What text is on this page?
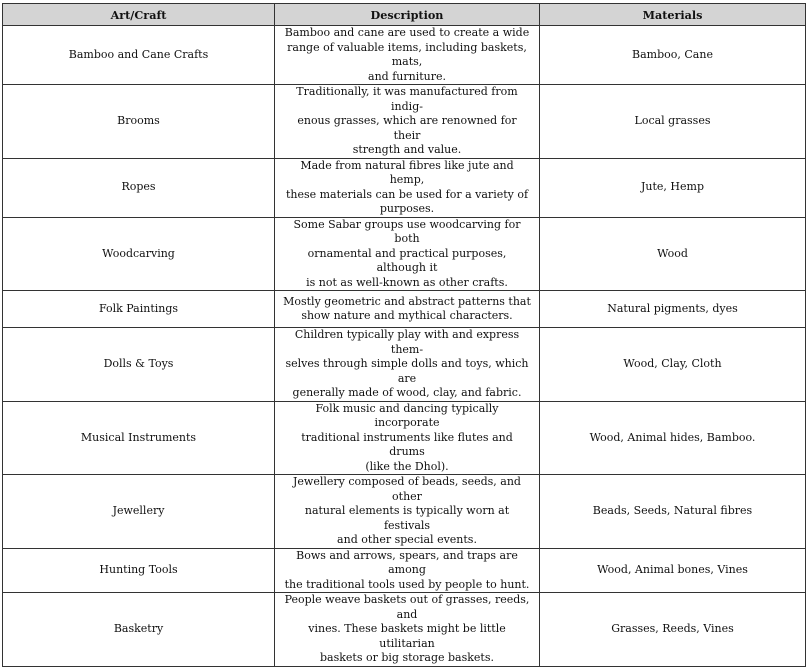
Art/Craft	Description	Materials
Bamboo and Cane Crafts	Bamboo and cane are used to create a wide
range of valuable items, including baskets, mats,
and furniture.	Bamboo, Cane
Brooms	Traditionally, it was manufactured from indig-
enous grasses, which are renowned for their
strength and value.	Local grasses
Ropes	Made from natural fibres like jute and hemp,
these materials can be used for a variety of
purposes.	Jute, Hemp
Woodcarving	Some Sabar groups use woodcarving for both
ornamental and practical purposes, although it
is not as well-known as other crafts.	Wood
Folk Paintings	Mostly geometric and abstract patterns that
show nature and mythical characters.	Natural pigments, dyes
Dolls & Toys	Children typically play with and express them-
selves through simple dolls and toys, which are
generally made of wood, clay, and fabric.	Wood, Clay, Cloth
Musical Instruments	Folk music and dancing typically incorporate
traditional instruments like flutes and drums
(like the Dhol).	Wood, Animal hides, Bamboo.
Jewellery	Jewellery composed of beads, seeds, and other
natural elements is typically worn at festivals
and other special events.	Beads, Seeds, Natural fibres
Hunting Tools	Bows and arrows, spears, and traps are among
the traditional tools used by people to hunt.	Wood, Animal bones, Vines
Basketry	People weave baskets out of grasses, reeds, and
vines. These baskets might be little utilitarian
baskets or big storage baskets.	Grasses, Reeds, Vines
